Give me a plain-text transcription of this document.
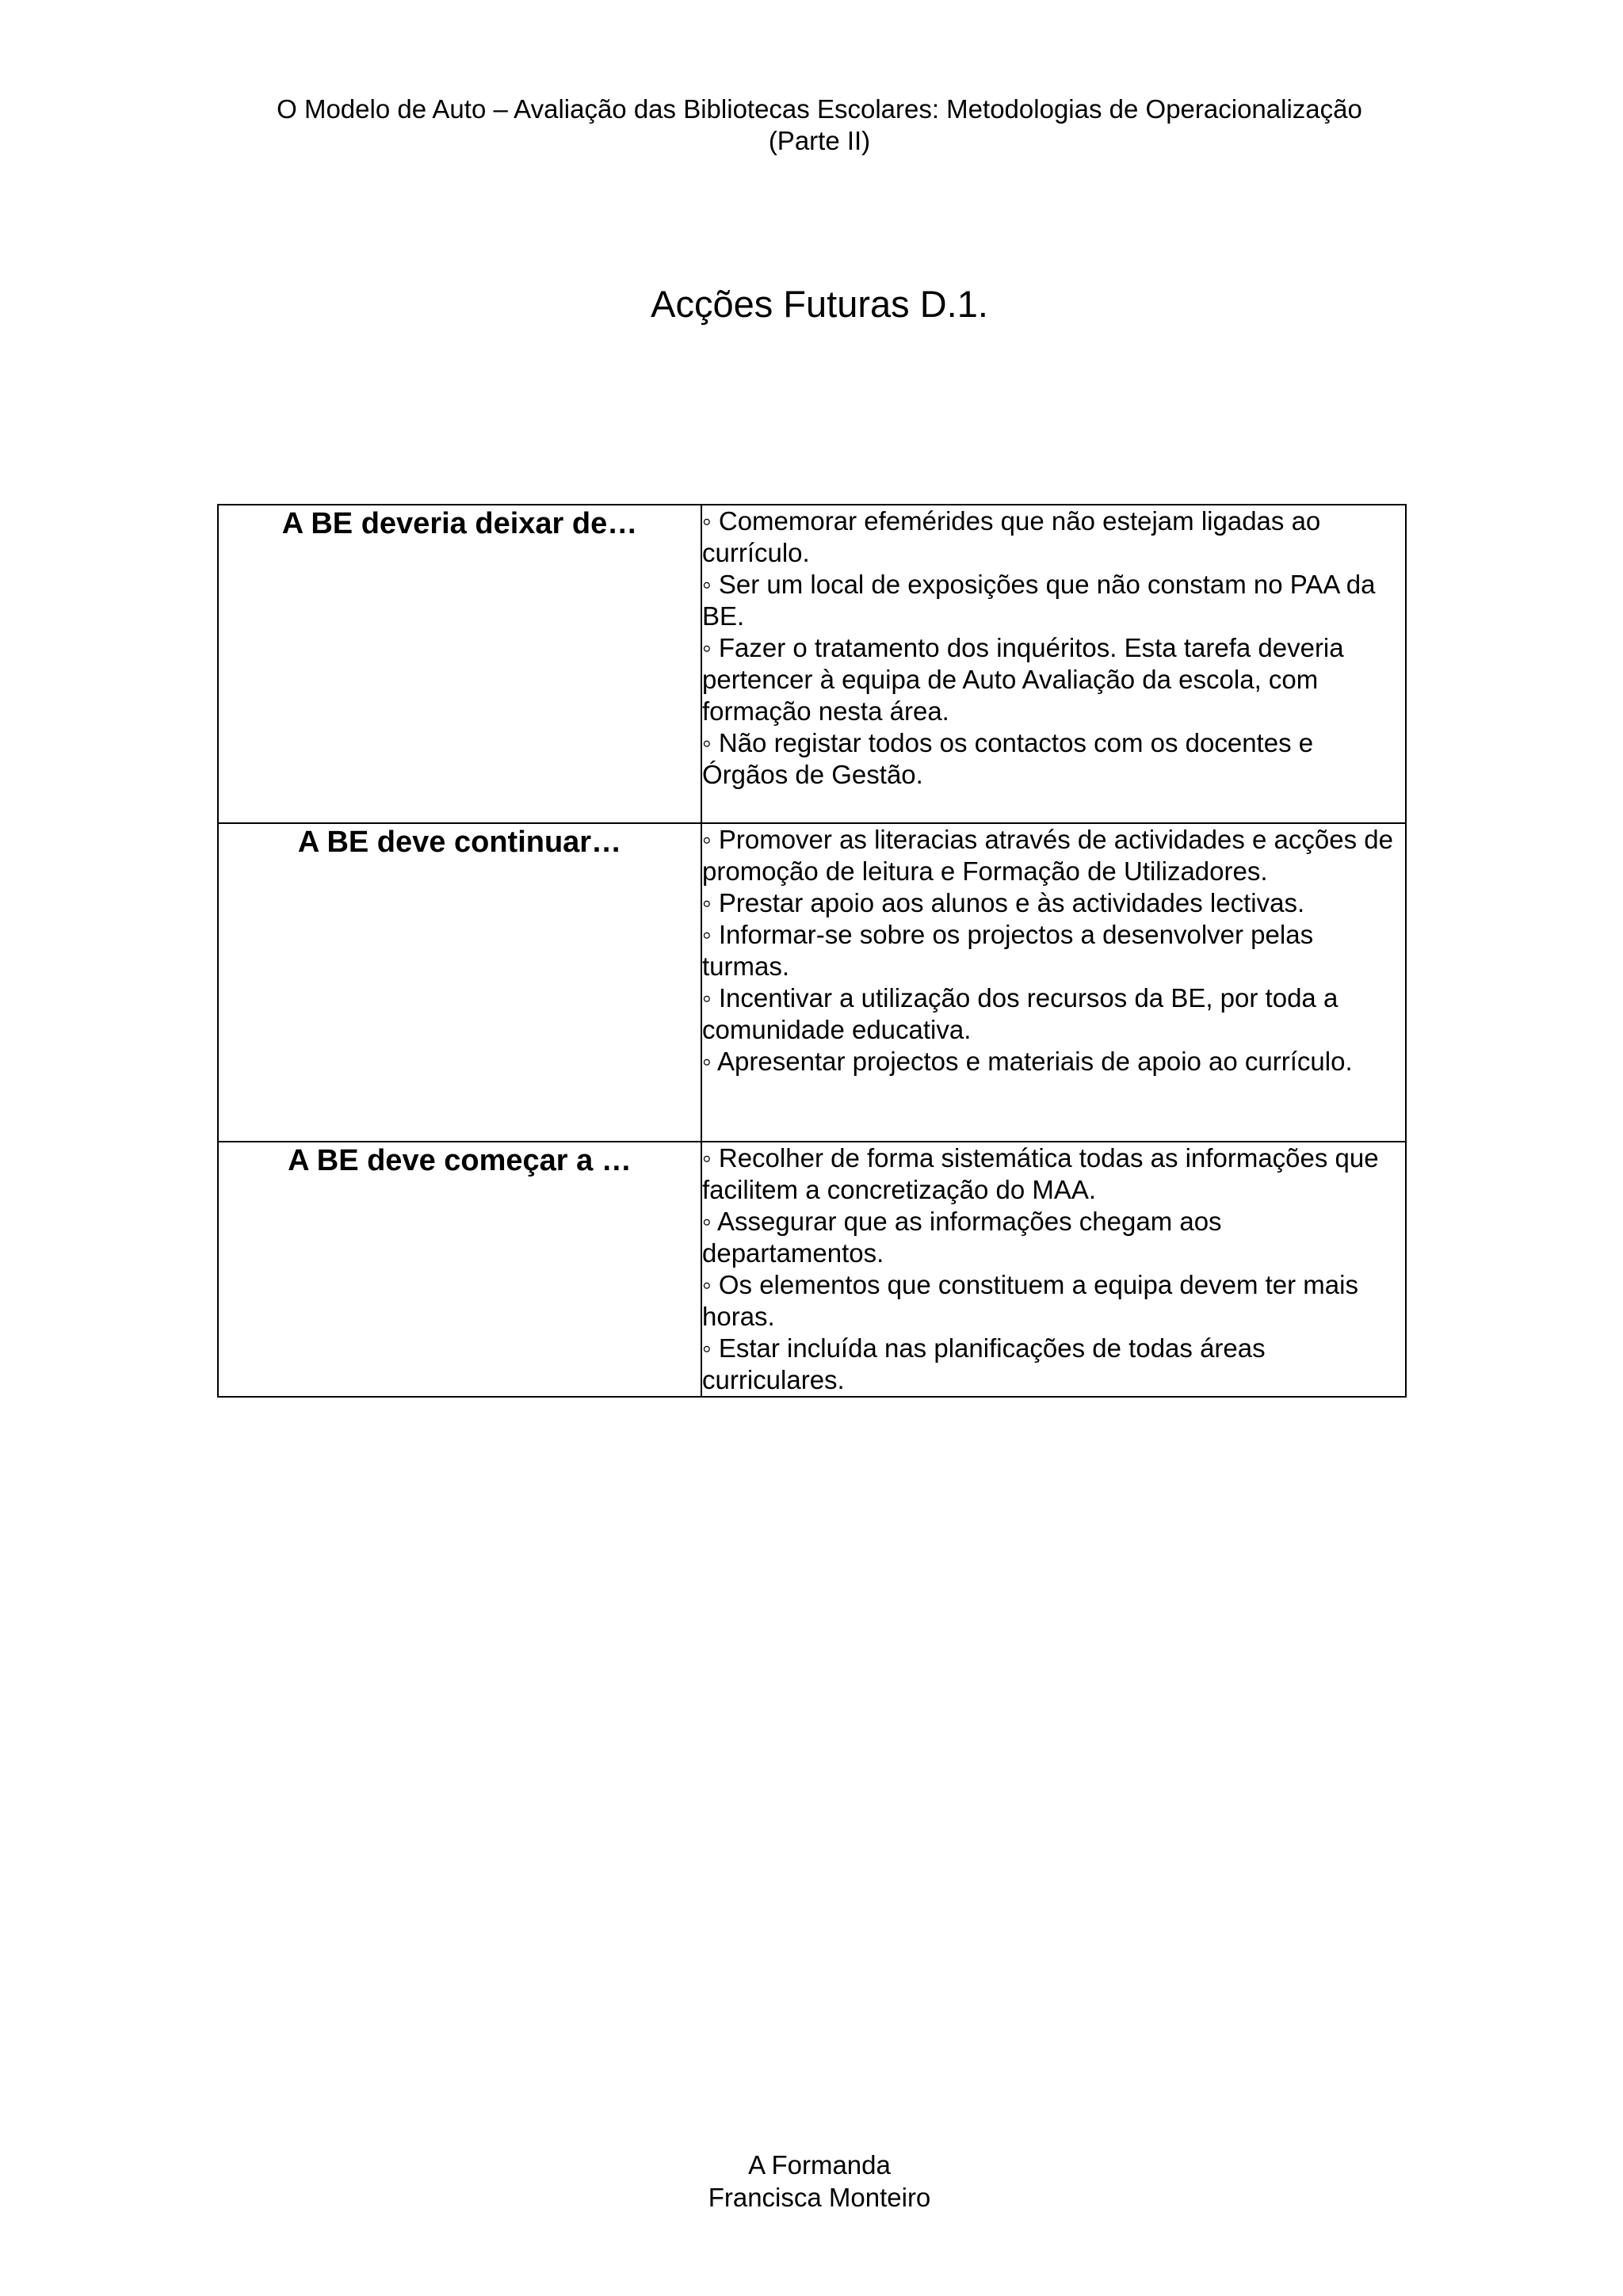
O Modelo de Auto – Avaliação das Bibliotecas Escolares: Metodologias de Operacionalização
(Parte II)
Acções Futuras D.1.
A BE deveria deixar de…	◦ Comemorar efemérides que não estejam ligadas ao currículo.
◦ Ser um local de exposições que não constam no PAA da BE.
◦ Fazer o tratamento dos inquéritos. Esta tarefa deveria pertencer à equipa de Auto Avaliação da escola, com formação nesta área.
◦ Não registar todos os contactos com os docentes e Órgãos de Gestão.

A BE deve continuar…	◦ Promover as literacias através de actividades e acções de promoção de leitura e Formação de Utilizadores.
◦ Prestar apoio aos alunos e às actividades lectivas.
◦ Informar-se sobre os projectos a desenvolver pelas turmas.
◦ Incentivar a utilização dos recursos da BE, por toda a comunidade educativa.
◦ Apresentar projectos e materiais de apoio ao currículo.

A BE deve começar a …	◦ Recolher de forma sistemática todas as informações que facilitem a concretização do MAA.
◦ Assegurar que as informações chegam aos departamentos.
◦ Os elementos que constituem a equipa devem ter mais horas.
◦ Estar incluída nas planificações de todas áreas curriculares.
A Formanda
Francisca Monteiro
